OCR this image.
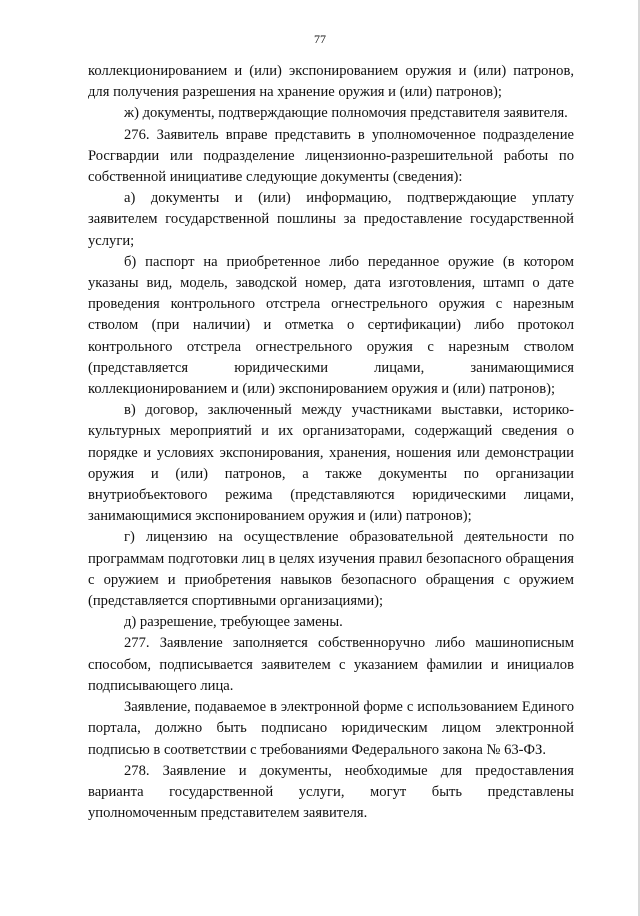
77

коллекционированием и (или) экспонированием оружия и (или) патронов, для получения разрешения на хранение оружия и (или) патронов);

ж) документы, подтверждающие полномочия представителя заявителя.

276. Заявитель вправе представить в уполномоченное подразделение Росгвардии или подразделение лицензионно-разрешительной работы по собственной инициативе следующие документы (сведения):

а) документы и (или) информацию, подтверждающие уплату заявителем государственной пошлины за предоставление государственной услуги;

б) паспорт на приобретенное либо переданное оружие (в котором указаны вид, модель, заводской номер, дата изготовления, штамп о дате проведения контрольного отстрела огнестрельного оружия с нарезным стволом (при наличии) и отметка о сертификации) либо протокол контрольного отстрела огнестрельного оружия с нарезным стволом (представляется юридическими лицами, занимающимися коллекционированием и (или) экспонированием оружия и (или) патронов);

в) договор, заключенный между участниками выставки, историко-культурных мероприятий и их организаторами, содержащий сведения о порядке и условиях экспонирования, хранения, ношения или демонстрации оружия и (или) патронов, а также документы по организации внутриобъектового режима (представляются юридическими лицами, занимающимися экспонированием оружия и (или) патронов);

г) лицензию на осуществление образовательной деятельности по программам подготовки лиц в целях изучения правил безопасного обращения с оружием и приобретения навыков безопасного обращения с оружием (представляется спортивными организациями);

д) разрешение, требующее замены.

277. Заявление заполняется собственноручно либо машинописным способом, подписывается заявителем с указанием фамилии и инициалов подписывающего лица.

Заявление, подаваемое в электронной форме с использованием Единого портала, должно быть подписано юридическим лицом электронной подписью в соответствии с требованиями Федерального закона № 63-ФЗ.

278. Заявление и документы, необходимые для предоставления варианта государственной услуги, могут быть представлены уполномоченным представителем заявителя.
